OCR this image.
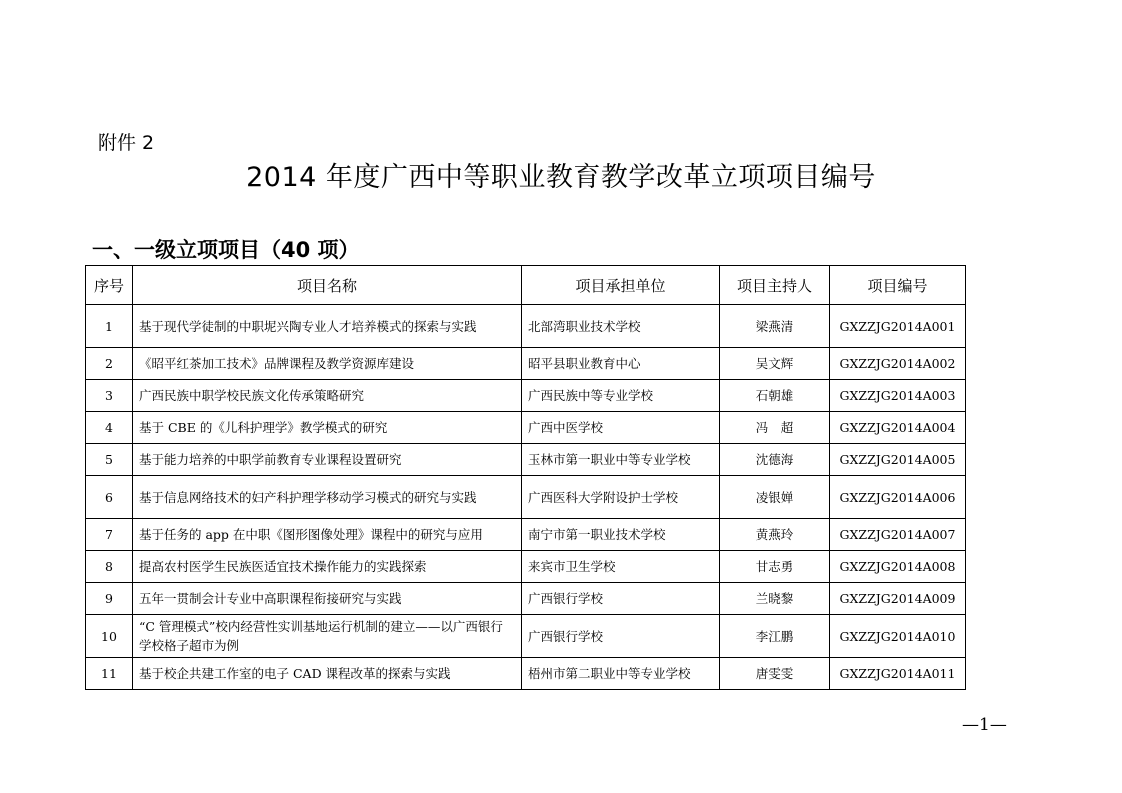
附件 2
2014 年度广西中等职业教育教学改革立项项目编号
一、一级立项项目（40 项）
序号	项目名称	项目承担单位	项目主持人	项目编号
1	基于现代学徒制的中职坭兴陶专业人才培养模式的探索与实践	北部湾职业技术学校	梁燕清	GXZZJG2014A001
2	《昭平红茶加工技术》品牌课程及教学资源库建设	昭平县职业教育中心	吴文辉	GXZZJG2014A002
3	广西民族中职学校民族文化传承策略研究	广西民族中等专业学校	石朝雄	GXZZJG2014A003
4	基于 CBE 的《儿科护理学》教学模式的研究	广西中医学校	冯　超	GXZZJG2014A004
5	基于能力培养的中职学前教育专业课程设置研究	玉林市第一职业中等专业学校	沈德海	GXZZJG2014A005
6	基于信息网络技术的妇产科护理学移动学习模式的研究与实践	广西医科大学附设护士学校	凌银婵	GXZZJG2014A006
7	基于任务的 app 在中职《图形图像处理》课程中的研究与应用	南宁市第一职业技术学校	黄燕玲	GXZZJG2014A007
8	提高农村医学生民族医适宜技术操作能力的实践探索	来宾市卫生学校	甘志勇	GXZZJG2014A008
9	五年一贯制会计专业中高职课程衔接研究与实践	广西银行学校	兰晓黎	GXZZJG2014A009
10	“C 管理模式”校内经营性实训基地运行机制的建立——以广西银行学校格子超市为例	广西银行学校	李江鹏	GXZZJG2014A010
11	基于校企共建工作室的电子 CAD 课程改革的探索与实践	梧州市第二职业中等专业学校	唐雯雯	GXZZJG2014A011
—1—
